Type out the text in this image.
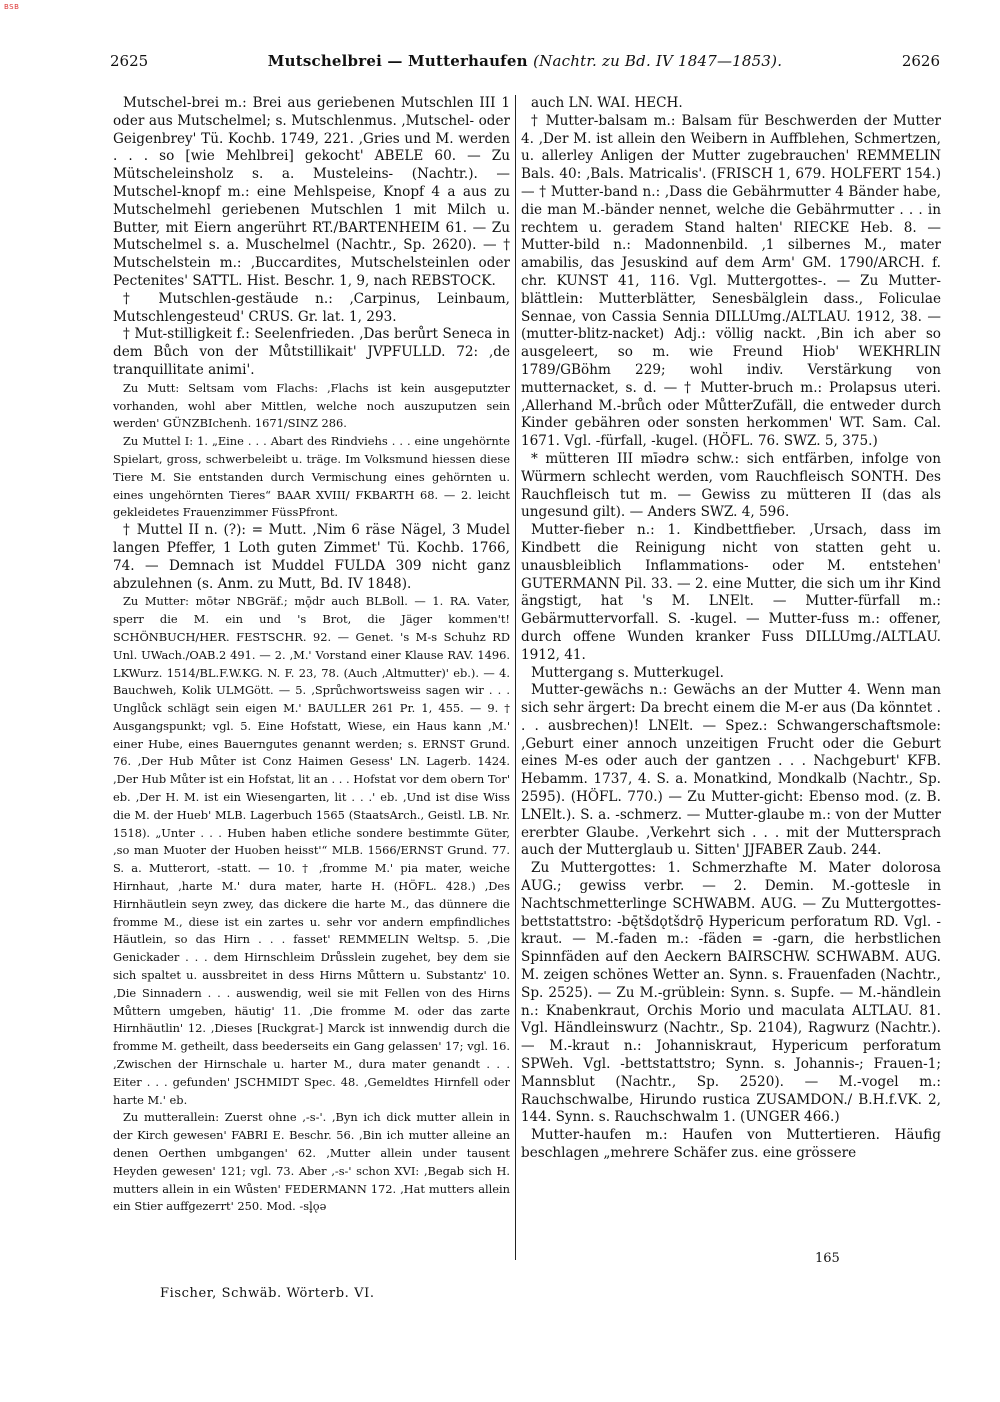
BSB
2625	Mutschelbrei — Mutterhaufen (Nachtr. zu Bd. IV 1847—1853).	2626

Mutschel-brei m.: Brei aus geriebenen Mutschlen III 1 oder aus Mutschelmel; s. Mutschlenmus. ‚Mutschel- oder Geigenbrey' Tü. Kochb. 1749, 221. ‚Gries und M. werden . . . so [wie Mehlbrei] gekocht' ABELE 60. — Zu Mütscheleinsholz s. a. Musteleins- (Nachtr.). — Mutschel-knopf m.: eine Mehlspeise, Knopf 4 a aus zu Mutschelmehl geriebenen Mutschlen 1 mit Milch u. Butter, mit Eiern angerührt RT./BARTENHEIM 61. — Zu Mutschelmel s. a. Muschelmel (Nachtr., Sp. 2620). — † Mutschelstein m.: ‚Buccardites, Mutschelsteinlen oder Pectenites' SATTL. Hist. Beschr. 1, 9, nach REBSTOCK.

† Mutschlen-gestäude n.: ‚Carpinus, Leinbaum, Mutschlengesteud' CRUS. Gr. lat. 1, 293.

† Mut-stilligkeit f.: Seelenfrieden. ‚Das berůrt Seneca in dem Bůch von der Můtstillikait' JVPFULLD. 72: ‚de tranquillitate animi'.

Zu Mutt: Seltsam vom Flachs: ‚Flachs ist kein ausgeputzter vorhanden, wohl aber Mittlen, welche noch auszuputzen sein werden' GÜNZBIchenh. 1671/SINZ 286.

Zu Muttel I: 1. „Eine . . . Abart des Rindviehs . . . eine ungehörnte Spielart, gross, schwerbeleibt u. träge. Im Volksmund hiessen diese Tiere M. Sie entstanden durch Vermischung eines gehörnten u. eines ungehörnten Tieres“ BAAR XVIII/ FKBARTH 68. — 2. leicht gekleidetes Frauenzimmer FüssPfront.

† Muttel II n. (?): = Mutt. ‚Nim 6 räse Nägel, 3 Mudel langen Pfeffer, 1 Loth guten Zimmet' Tü. Kochb. 1766, 74. — Demnach ist Muddel FULDA 309 nicht ganz abzulehnen (s. Anm. zu Mutt, Bd. IV 1848).

Zu Mutter: mōtər NBGräf.; mǭdr auch BLBoll. — 1. RA. Vater, sperr die M. ein und 's Brot, die Jäger kommen't! SCHÖNBUCH/HER. FESTSCHR. 92. — Genet. 's M-s Schuhz RD Unl. UWach./OAB.2 491. — 2. ‚M.' Vorstand einer Klause RAV. 1496. LKWurz. 1514/BL.F.W.KG. N. F. 23, 78. (Auch ‚Altmutter)' eb.). — 4. Bauchweh, Kolik ULMGött. — 5. ‚Sprůchwortsweiss sagen wir . . . Unglůck schlägt sein eigen M.' BAULLER 261 Pr. 1, 455. — 9. † Ausgangspunkt; vgl. 5. Eine Hofstatt, Wiese, ein Haus kann ‚M.' einer Hube, eines Bauerngutes genannt werden; s. ERNST Grund. 76. ‚Der Hub Můter ist Conz Haimen Gesess' LN. Lagerb. 1424. ‚Der Hub Můter ist ein Hofstat, lit an . . . Hofstat vor dem obern Tor' eb. ‚Der H. M. ist ein Wiesengarten, lit . . .' eb. ‚Und ist dise Wiss die M. der Hueb' MLB. Lagerbuch 1565 (StaatsArch., Geistl. LB. Nr. 1518). „Unter . . . Huben haben etliche sondere bestimmte Güter, ‚so man Muoter der Huoben heisst'“ MLB. 1566/ERNST Grund. 77. S. a. Mutterort, -statt. — 10. † ‚fromme M.' pia mater, weiche Hirnhaut, ‚harte M.' dura mater, harte H. (HÖFL. 428.) ‚Des Hirnhäutlein seyn zwey, das dickere die harte M., das dünnere die fromme M., diese ist ein zartes u. sehr vor andern empfindliches Häutlein, so das Hirn . . . fasset' REMMELIN Weltsp. 5. ‚Die Genickader . . . dem Hirnschleim Drůsslein zugehet, bey dem sie sich spaltet u. aussbreitet in dess Hirns Můttern u. Substantz' 10. ‚Die Sinnadern . . . auswendig, weil sie mit Fellen von des Hirns Můttern umgeben, häutig' 11. ‚Die fromme M. oder das zarte Hirnhäutlin' 12. ‚Dieses [Ruckgrat-] Marck ist innwendig durch die fromme M. getheilt, dass beederseits ein Gang gelassen' 17; vgl. 16. ‚Zwischen der Hirnschale u. harter M., dura mater genandt . . . Eiter . . . gefunden' JSCHMIDT Spec. 48. ‚Gemeldtes Hirnfell oder harte M.' eb.

Zu mutterallein: Zuerst ohne ‚-s-'. ‚Byn ich dick mutter allein in der Kirch gewesen' FABRI E. Beschr. 56. ‚Bin ich mutter alleine an denen Oerthen umbgangen' 62. ‚Mutter allein under tausent Heyden gewesen' 121; vgl. 73. Aber ‚-s-' schon XVI: ‚Begab sich H. mutters allein in ein Wůsten' FEDERMANN 172. ‚Hat mutters allein ein Stier auffgezerrt' 250. Mod. -sl̥ǫə

auch LN. WAI. HECH.

† Mutter-balsam m.: Balsam für Beschwerden der Mutter 4. ‚Der M. ist allein den Weibern in Auffblehen, Schmertzen, u. allerley Anligen der Mutter zugebrauchen' REMMELIN Bals. 40: ‚Bals. Matricalis'. (FRISCH 1, 679. HOLFERT 154.) — † Mutter-band n.: ‚Dass die Gebährmutter 4 Bänder habe, die man M.-bänder nennet, welche die Gebährmutter . . . in rechtem u. geradem Stand halten' RIECKE Heb. 8. — Mutter-bild n.: Madonnenbild. ‚1 silbernes M., mater amabilis, das Jesuskind auf dem Arm' GM. 1790/ARCH. f. chr. KUNST 41, 116. Vgl. Muttergottes-. — Zu Mutter-blättlein: Mutterblätter, Senesbälglein dass., Foliculae Sennae, von Cassia Sennia DILLUmg./ALTLAU. 1912, 38. — (mutter-blitz-nacket) Adj.: völlig nackt. ‚Bin ich aber so ausgeleert, so m. wie Freund Hiob' WEKHRLIN 1789/GBöhm 229; wohl indiv. Verstärkung von mutternacket, s. d. — † Mutter-bruch m.: Prolapsus uteri. ‚Allerhand M.-brůch oder MůtterZufäll, die entweder durch Kinder gebähren oder sonsten herkommen' WT. Sam. Cal. 1671. Vgl. -fürfall, -kugel. (HÖFL. 76. SWZ. 5, 375.)

* mütteren III mīədrə schw.: sich entfärben, infolge von Würmern schlecht werden, vom Rauchfleisch SONTH. Des Rauchfleisch tut m. — Gewiss zu mütteren II (das als ungesund gilt). — Anders SWZ. 4, 596.

Mutter-fieber n.: 1. Kindbettfieber. ‚Ursach, dass im Kindbett die Reinigung nicht von statten geht u. unausbleiblich Inflammations- oder M. entstehen' GUTERMANN Pil. 33. — 2. eine Mutter, die sich um ihr Kind ängstigt, hat 's M. LNElt. — Mutter-fürfall m.: Gebärmuttervorfall. S. -kugel. — Mutter-fuss m.: offener, durch offene Wunden kranker Fuss DILLUmg./ALTLAU. 1912, 41.

Muttergang s. Mutterkugel.

Mutter-gewächs n.: Gewächs an der Mutter 4. Wenn man sich sehr ärgert: Da brecht einem die M-er aus (Da könntet . . . ausbrechen)! LNElt. — Spez.: Schwangerschaftsmole: ‚Geburt einer annoch unzeitigen Frucht oder die Geburt eines M-es oder auch der gantzen . . . Nachgeburt' KFB. Hebamm. 1737, 4. S. a. Monatkind, Mondkalb (Nachtr., Sp. 2595). (HÖFL. 770.) — Zu Mutter-gicht: Ebenso mod. (z. B. LNElt.). S. a. -schmerz. — Mutter-glaube m.: von der Mutter ererbter Glaube. ‚Verkehrt sich . . . mit der Muttersprach auch der Mutterglaub u. Sitten' JJFABER Zaub. 244.

Zu Muttergottes: 1. Schmerzhafte M. Mater dolorosa AUG.; gewiss verbr. — 2. Demin. M.-gottesle in Nachtschmetterlinge SCHWABM. AUG. — Zu Muttergottes-bettstattstro: -bę̄tšdǫtšdrǭ Hypericum perforatum RD. Vgl. -kraut. — M.-faden m.: -fäden = -garn, die herbstlichen Spinnfäden auf den Aeckern BAIRSCHW. SCHWABM. AUG. M. zeigen schönes Wetter an. Synn. s. Frauenfaden (Nachtr., Sp. 2525). — Zu M.-grüblein: Synn. s. Supfe. — M.-händlein n.: Knabenkraut, Orchis Morio und maculata ALTLAU. 81. Vgl. Händleinswurz (Nachtr., Sp. 2104), Ragwurz (Nachtr.). — M.-kraut n.: Johanniskraut, Hypericum perforatum SPWeh. Vgl. -bettstattstro; Synn. s. Johannis-; Frauen-1; Mannsblut (Nachtr., Sp. 2520). — M.-vogel m.: Rauchschwalbe, Hirundo rustica ZUSAMDON./ B.H.f.VK. 2, 144. Synn. s. Rauchschwalm 1. (UNGER 466.)

Mutter-haufen m.: Haufen von Muttertieren. Häufig beschlagen „mehrere Schäfer zus. eine grössere

165
Fischer, Schwäb. Wörterb. VI.
